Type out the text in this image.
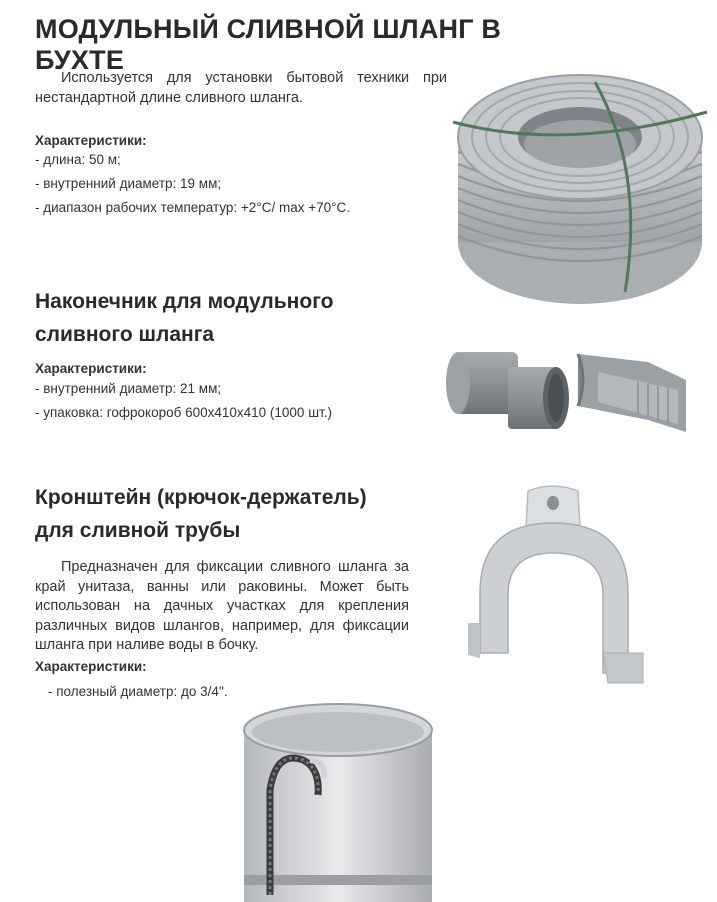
МОДУЛЬНЫЙ СЛИВНОЙ ШЛАНГ В БУХТЕ
Используется для установки бытовой техники при нестандартной длине сливного шланга.
Характеристики:
- длина: 50 м;
- внутренний диаметр: 19 мм;
- диапазон рабочих температур: +2°С/ max +70°С.
Наконечник для модульного
сливного шланга
Характеристики:
- внутренний диаметр: 21 мм;
- упаковка: гофрокороб 600х410х410 (1000 шт.)
Кронштейн (крючок-держатель)
для сливной трубы
Предназначен для фиксации сливного шланга за край унитаза, ванны или раковины. Может быть использован на дачных участках для крепления различных видов шлангов, например, для фиксации шланга при наливе воды в бочку.
Характеристики:
- полезный диаметр: до 3/4''.
